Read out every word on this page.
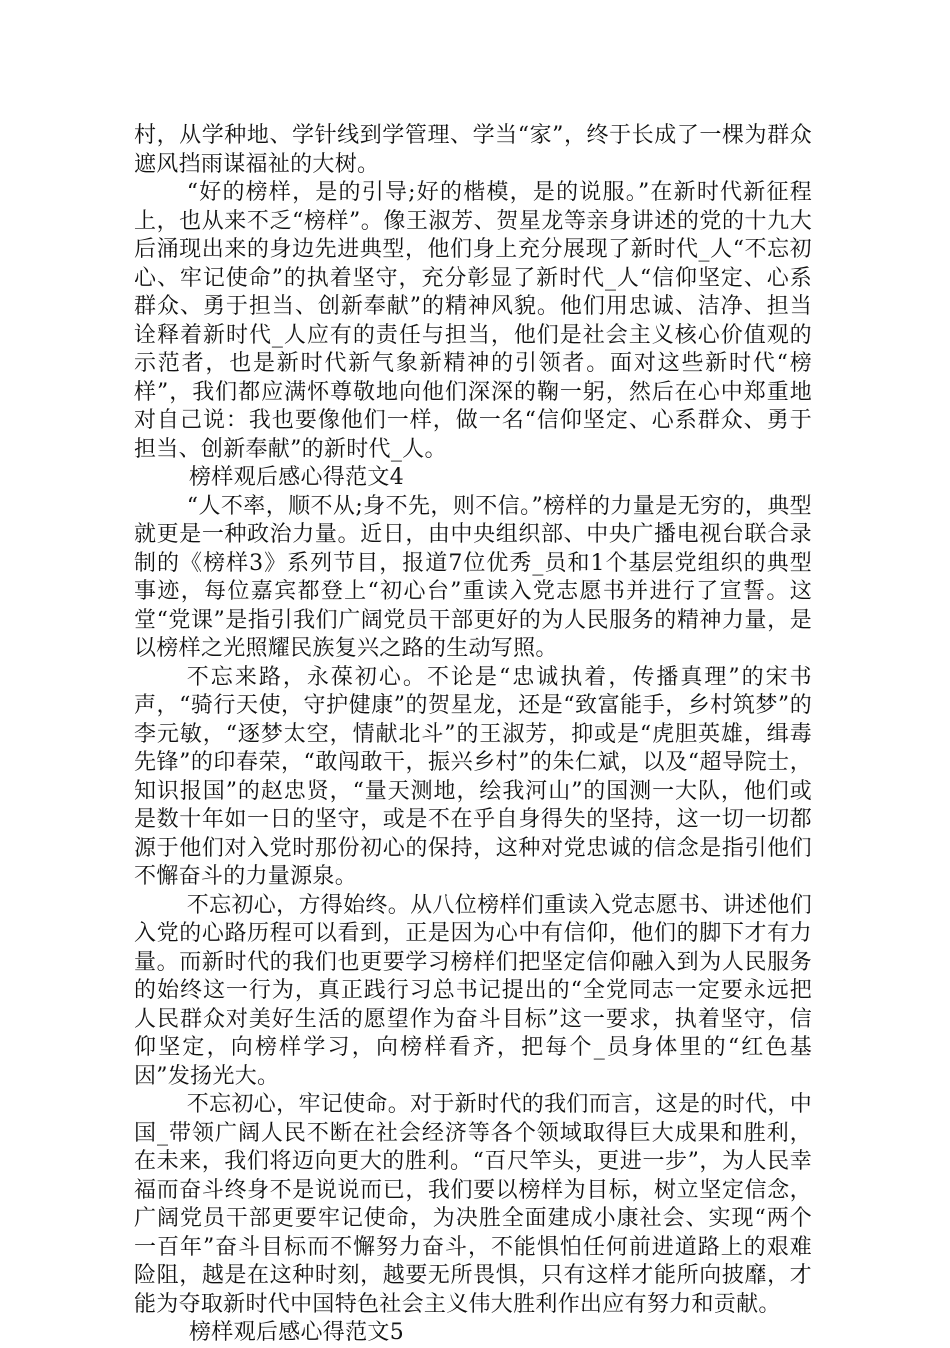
村，从学种地、学针线到学管理、学当“家”，终于长成了一棵为群众遮风挡雨谋福祉的大树。

“好的榜样，是的引导;好的楷模，是的说服。”在新时代新征程上，也从来不乏“榜样”。像王淑芳、贺星龙等亲身讲述的党的十九大后涌现出来的身边先进典型，他们身上充分展现了新时代_人“不忘初心、牢记使命”的执着坚守，充分彰显了新时代_人“信仰坚定、心系群众、勇于担当、创新奉献”的精神风貌。他们用忠诚、洁净、担当诠释着新时代_人应有的责任与担当，他们是社会主义核心价值观的示范者，也是新时代新气象新精神的引领者。面对这些新时代“榜样”，我们都应满怀尊敬地向他们深深的鞠一躬，然后在心中郑重地对自己说：我也要像他们一样，做一名“信仰坚定、心系群众、勇于担当、创新奉献”的新时代_人。

榜样观后感心得范文4

“人不率，顺不从;身不先，则不信。”榜样的力量是无穷的，典型就更是一种政治力量。近日，由中央组织部、中央广播电视台联合录制的《榜样3》系列节目，报道7位优秀_员和1个基层党组织的典型事迹，每位嘉宾都登上“初心台”重读入党志愿书并进行了宣誓。这堂“党课”是指引我们广阔党员干部更好的为人民服务的精神力量，是以榜样之光照耀民族复兴之路的生动写照。

不忘来路，永葆初心。不论是“忠诚执着，传播真理”的宋书声，“骑行天使，守护健康”的贺星龙，还是“致富能手，乡村筑梦”的李元敏，“逐梦太空，情献北斗”的王淑芳，抑或是“虎胆英雄，缉毒先锋”的印春荣，“敢闯敢干，振兴乡村”的朱仁斌，以及“超导院士，知识报国”的赵忠贤，“量天测地，绘我河山”的国测一大队，他们或是数十年如一日的坚守，或是不在乎自身得失的坚持，这一切一切都源于他们对入党时那份初心的保持，这种对党忠诚的信念是指引他们不懈奋斗的力量源泉。

不忘初心，方得始终。从八位榜样们重读入党志愿书、讲述他们入党的心路历程可以看到，正是因为心中有信仰，他们的脚下才有力量。而新时代的我们也更要学习榜样们把坚定信仰融入到为人民服务的始终这一行为，真正践行习总书记提出的“全党同志一定要永远把人民群众对美好生活的愿望作为奋斗目标”这一要求，执着坚守，信仰坚定，向榜样学习，向榜样看齐，把每个_员身体里的“红色基因”发扬光大。

不忘初心，牢记使命。对于新时代的我们而言，这是的时代，中国_带领广阔人民不断在社会经济等各个领域取得巨大成果和胜利，在未来，我们将迈向更大的胜利。“百尺竿头，更进一步”，为人民幸福而奋斗终身不是说说而已，我们要以榜样为目标，树立坚定信念，广阔党员干部更要牢记使命，为决胜全面建成小康社会、实现“两个一百年”奋斗目标而不懈努力奋斗，不能惧怕任何前进道路上的艰难险阻，越是在这种时刻，越要无所畏惧，只有这样才能所向披靡，才能为夺取新时代中国特色社会主义伟大胜利作出应有努力和贡献。

榜样观后感心得范文5
